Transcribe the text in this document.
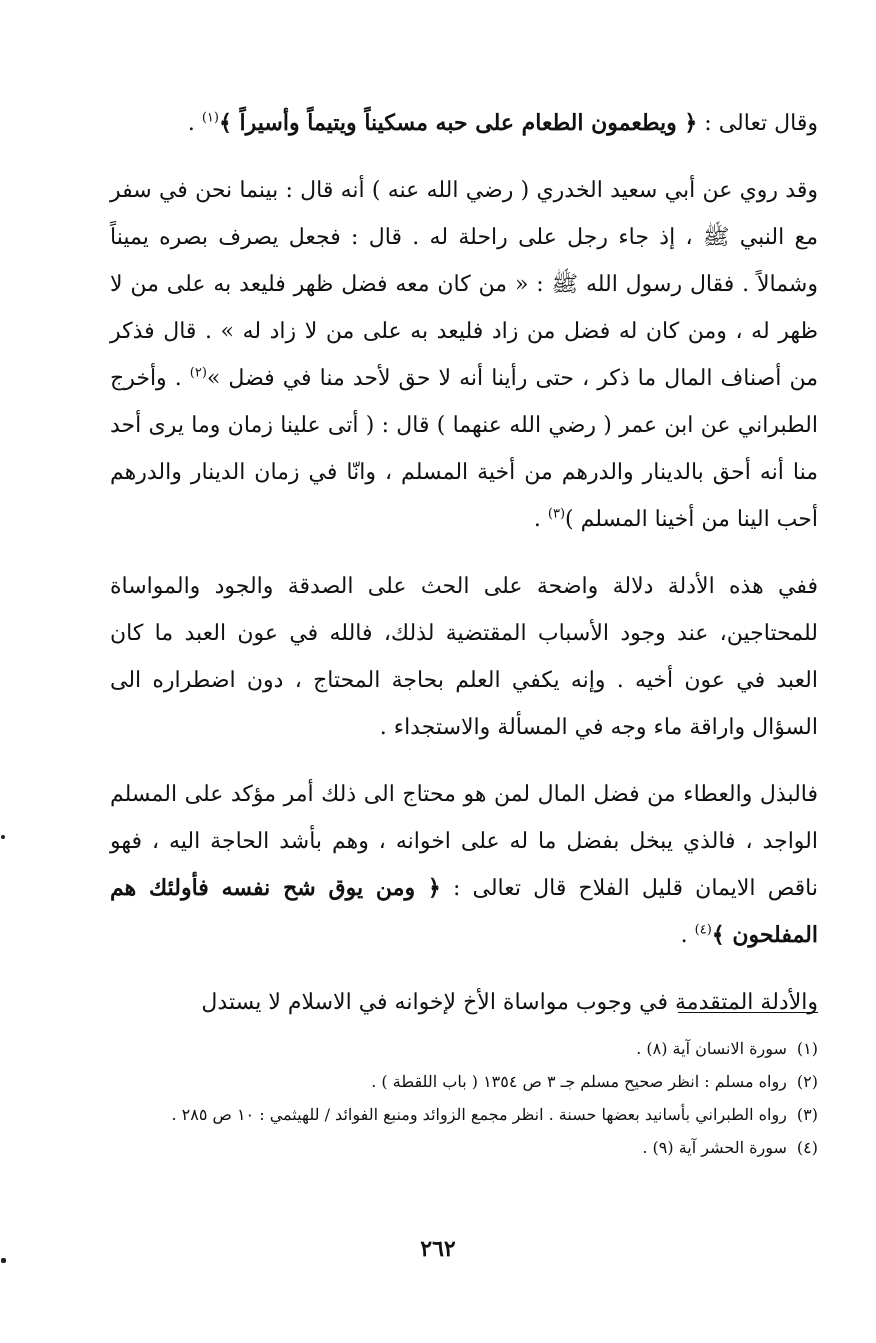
وقال تعالى : ﴿ ويطعمون الطعام على حبه مسكيناً ويتيماً وأسيراً ﴾$^{(١)}$ .

وقد روي عن أبي سعيد الخدري ( رضي الله عنه ) أنه قال : بينما نحن في سفر مع النبي ﷺ ، إذ جاء رجل على راحلة له . قال : فجعل يصرف بصره يميناً وشمالاً . فقال رسول الله ﷺ : « من كان معه فضل ظهر فليعد به على من لا ظهر له ، ومن كان له فضل من زاد فليعد به على من لا زاد له » . قال فذكر من أصناف المال ما ذكر ، حتى رأينا أنه لا حق لأحد منا في فضل »$^{(٢)}$ . وأخرج الطبراني عن ابن عمر ( رضي الله عنهما ) قال : ( أتى علينا زمان وما يرى أحد منا أنه أحق بالدينار والدرهم من أخية المسلم ، وانّا في زمان الدينار والدرهم أحب الينا من أخينا المسلم )$^{(٣)}$ .

ففي هذه الأدلة دلالة واضحة على الحث على الصدقة والجود والمواساة للمحتاجين، عند وجود الأسباب المقتضية لذلك، فالله في عون العبد ما كان العبد في عون أخيه . وإنه يكفي العلم بحاجة المحتاج ، دون اضطراره الى السؤال واراقة ماء وجه في المسألة والاستجداء .

فالبذل والعطاء من فضل المال لمن هو محتاج الى ذلك أمر مؤكد على المسلم الواجد ، فالذي يبخل بفضل ما له على اخوانه ، وهم بأشد الحاجة اليه ، فهو ناقص الايمان قليل الفلاح قال تعالى : ﴿ ومن يوق شح نفسه فأولئك هم المفلحون ﴾$^{(٤)}$ .

والأدلة المتقدمة في وجوب مواساة الأخ لإخوانه في الاسلام لا يستدل

(١)
سورة الانسان آية (٨) .
(٢)
رواه مسلم : انظر صحيح مسلم جـ ٣ ص ١٣٥٤ ( باب اللقطة ) .
(٣)
رواه الطبراني بأسانيد بعضها حسنة . انظر مجمع الزوائد ومنبع الفوائد / للهيثمي : ١٠ ص ٢٨٥ .
(٤)
سورة الحشر آية (٩) .
٢٦٢
